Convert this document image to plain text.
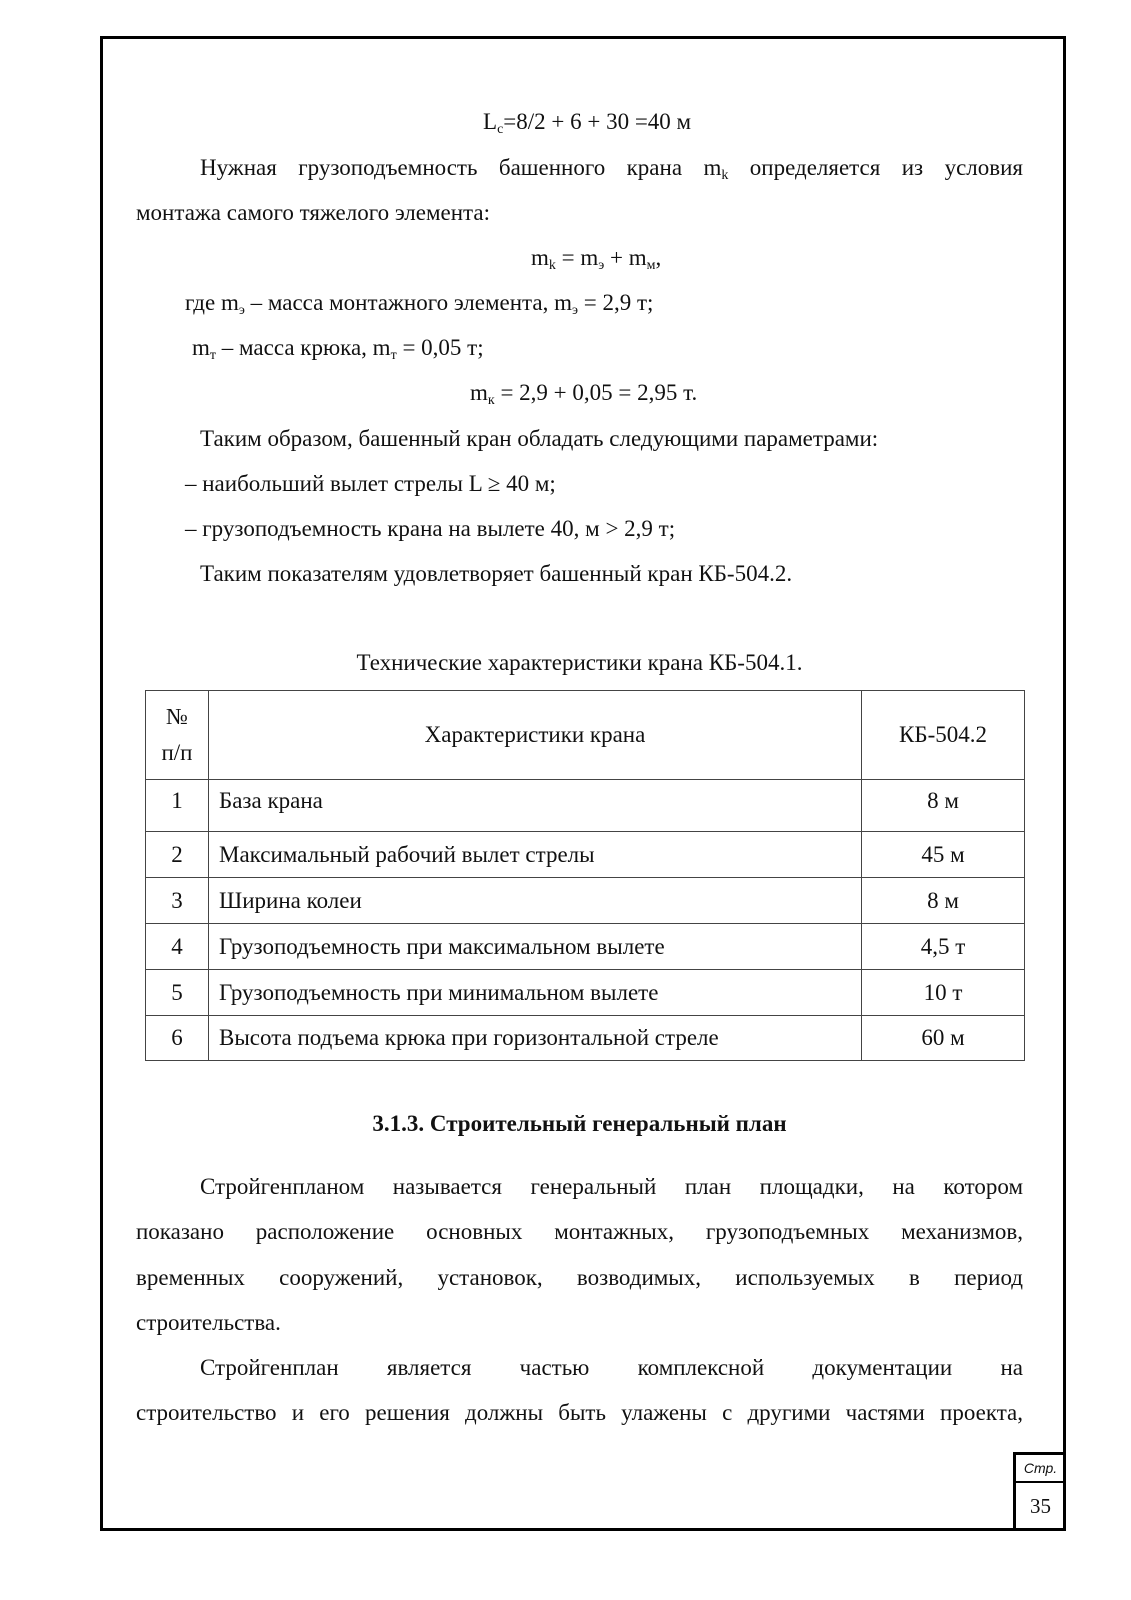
$L_c=8/2 + 6 + 30 =40$ м
Нужная грузоподъемность башенного крана $m_k$ определяется из условия
монтажа самого тяжелого элемента:
$m_k = m_э + m_м$,
где $m_э$ – масса монтажного элемента, $m_э = 2,9$ т;
$m_т$ – масса крюка, $m_т = 0,05$ т;
$m_к = 2,9 + 0,05 = 2,95$ т.
Таким образом, башенный кран обладать следующими параметрами:
– наибольший вылет стрелы L ≥ 40 м;
– грузоподъемность крана на вылете 40, м > 2,9 т;
Таким показателям удовлетворяет башенный кран КБ-504.2.
Технические характеристики крана КБ-504.1.
№
п/п	Характеристики крана	КБ-504.2
1	База крана	8 м
2	Максимальный рабочий вылет стрелы	45 м
3	Ширина колеи	8 м
4	Грузоподъемность при максимальном вылете	4,5 т
5	Грузоподъемность при минимальном вылете	10 т
6	Высота подъема крюка при горизонтальной стреле	60 м
3.1.3. Строительный генеральный план
Стройгенпланом называется генеральный план площадки, на котором
показано расположение основных монтажных, грузоподъемных механизмов,
временных сооружений, установок, возводимых, используемых в период
строительства.
Стройгенплан является частью комплексной документации на
строительство и его решения должны быть улажены с другими частями проекта,
Стр.
35
